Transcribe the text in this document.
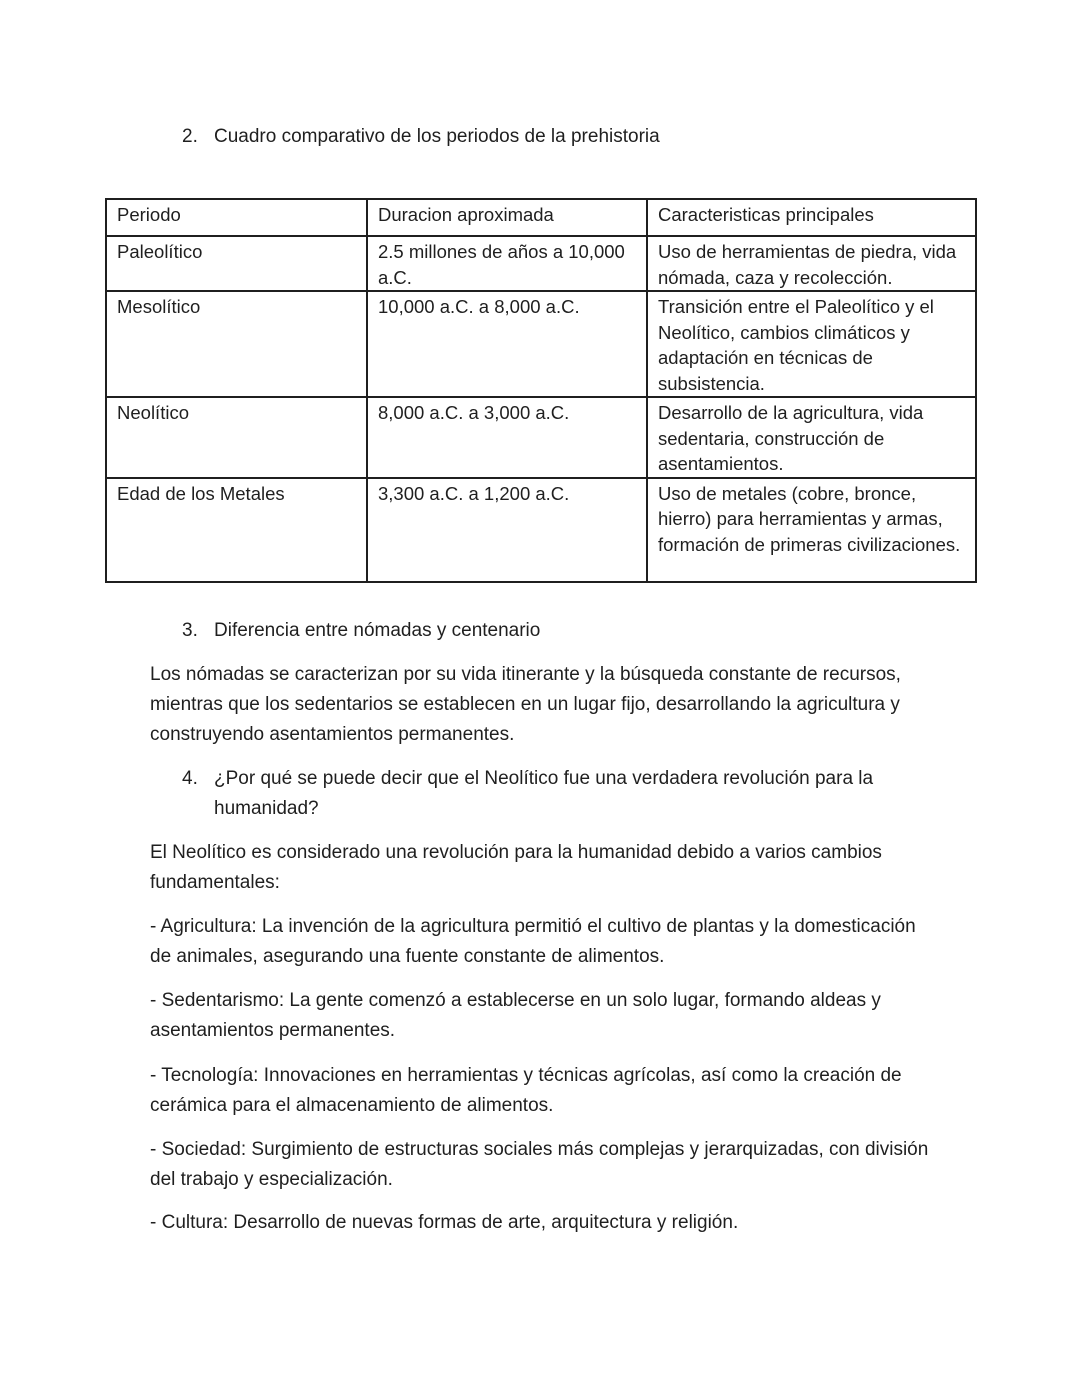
2. Cuadro comparativo de los periodos de la prehistoria
Periodo	Duracion aproximada	Caracteristicas principales
Paleolítico	2.5 millones de años a 10,000 a.C.	Uso de herramientas de piedra, vida nómada, caza y recolección.
Mesolítico	10,000 a.C. a 8,000 a.C.	Transición entre el Paleolítico y el Neolítico, cambios climáticos y adaptación en técnicas de subsistencia.
Neolítico	8,000 a.C. a 3,000 a.C.	Desarrollo de la agricultura, vida sedentaria, construcción de asentamientos.
Edad de los Metales	3,300 a.C. a 1,200 a.C.	Uso de metales (cobre, bronce, hierro) para herramientas y armas, formación de primeras civilizaciones.
3. Diferencia entre nómadas y centenario

Los nómadas se caracterizan por su vida itinerante y la búsqueda constante de recursos, mientras que los sedentarios se establecen en un lugar fijo, desarrollando la agricultura y construyendo asentamientos permanentes.

4. ¿Por qué se puede decir que el Neolítico fue una verdadera revolución para la humanidad?

El Neolítico es considerado una revolución para la humanidad debido a varios cambios fundamentales:

- Agricultura: La invención de la agricultura permitió el cultivo de plantas y la domesticación de animales, asegurando una fuente constante de alimentos.

- Sedentarismo: La gente comenzó a establecerse en un solo lugar, formando aldeas y asentamientos permanentes.

- Tecnología: Innovaciones en herramientas y técnicas agrícolas, así como la creación de cerámica para el almacenamiento de alimentos.

- Sociedad: Surgimiento de estructuras sociales más complejas y jerarquizadas, con división del trabajo y especialización.

- Cultura: Desarrollo de nuevas formas de arte, arquitectura y religión.
